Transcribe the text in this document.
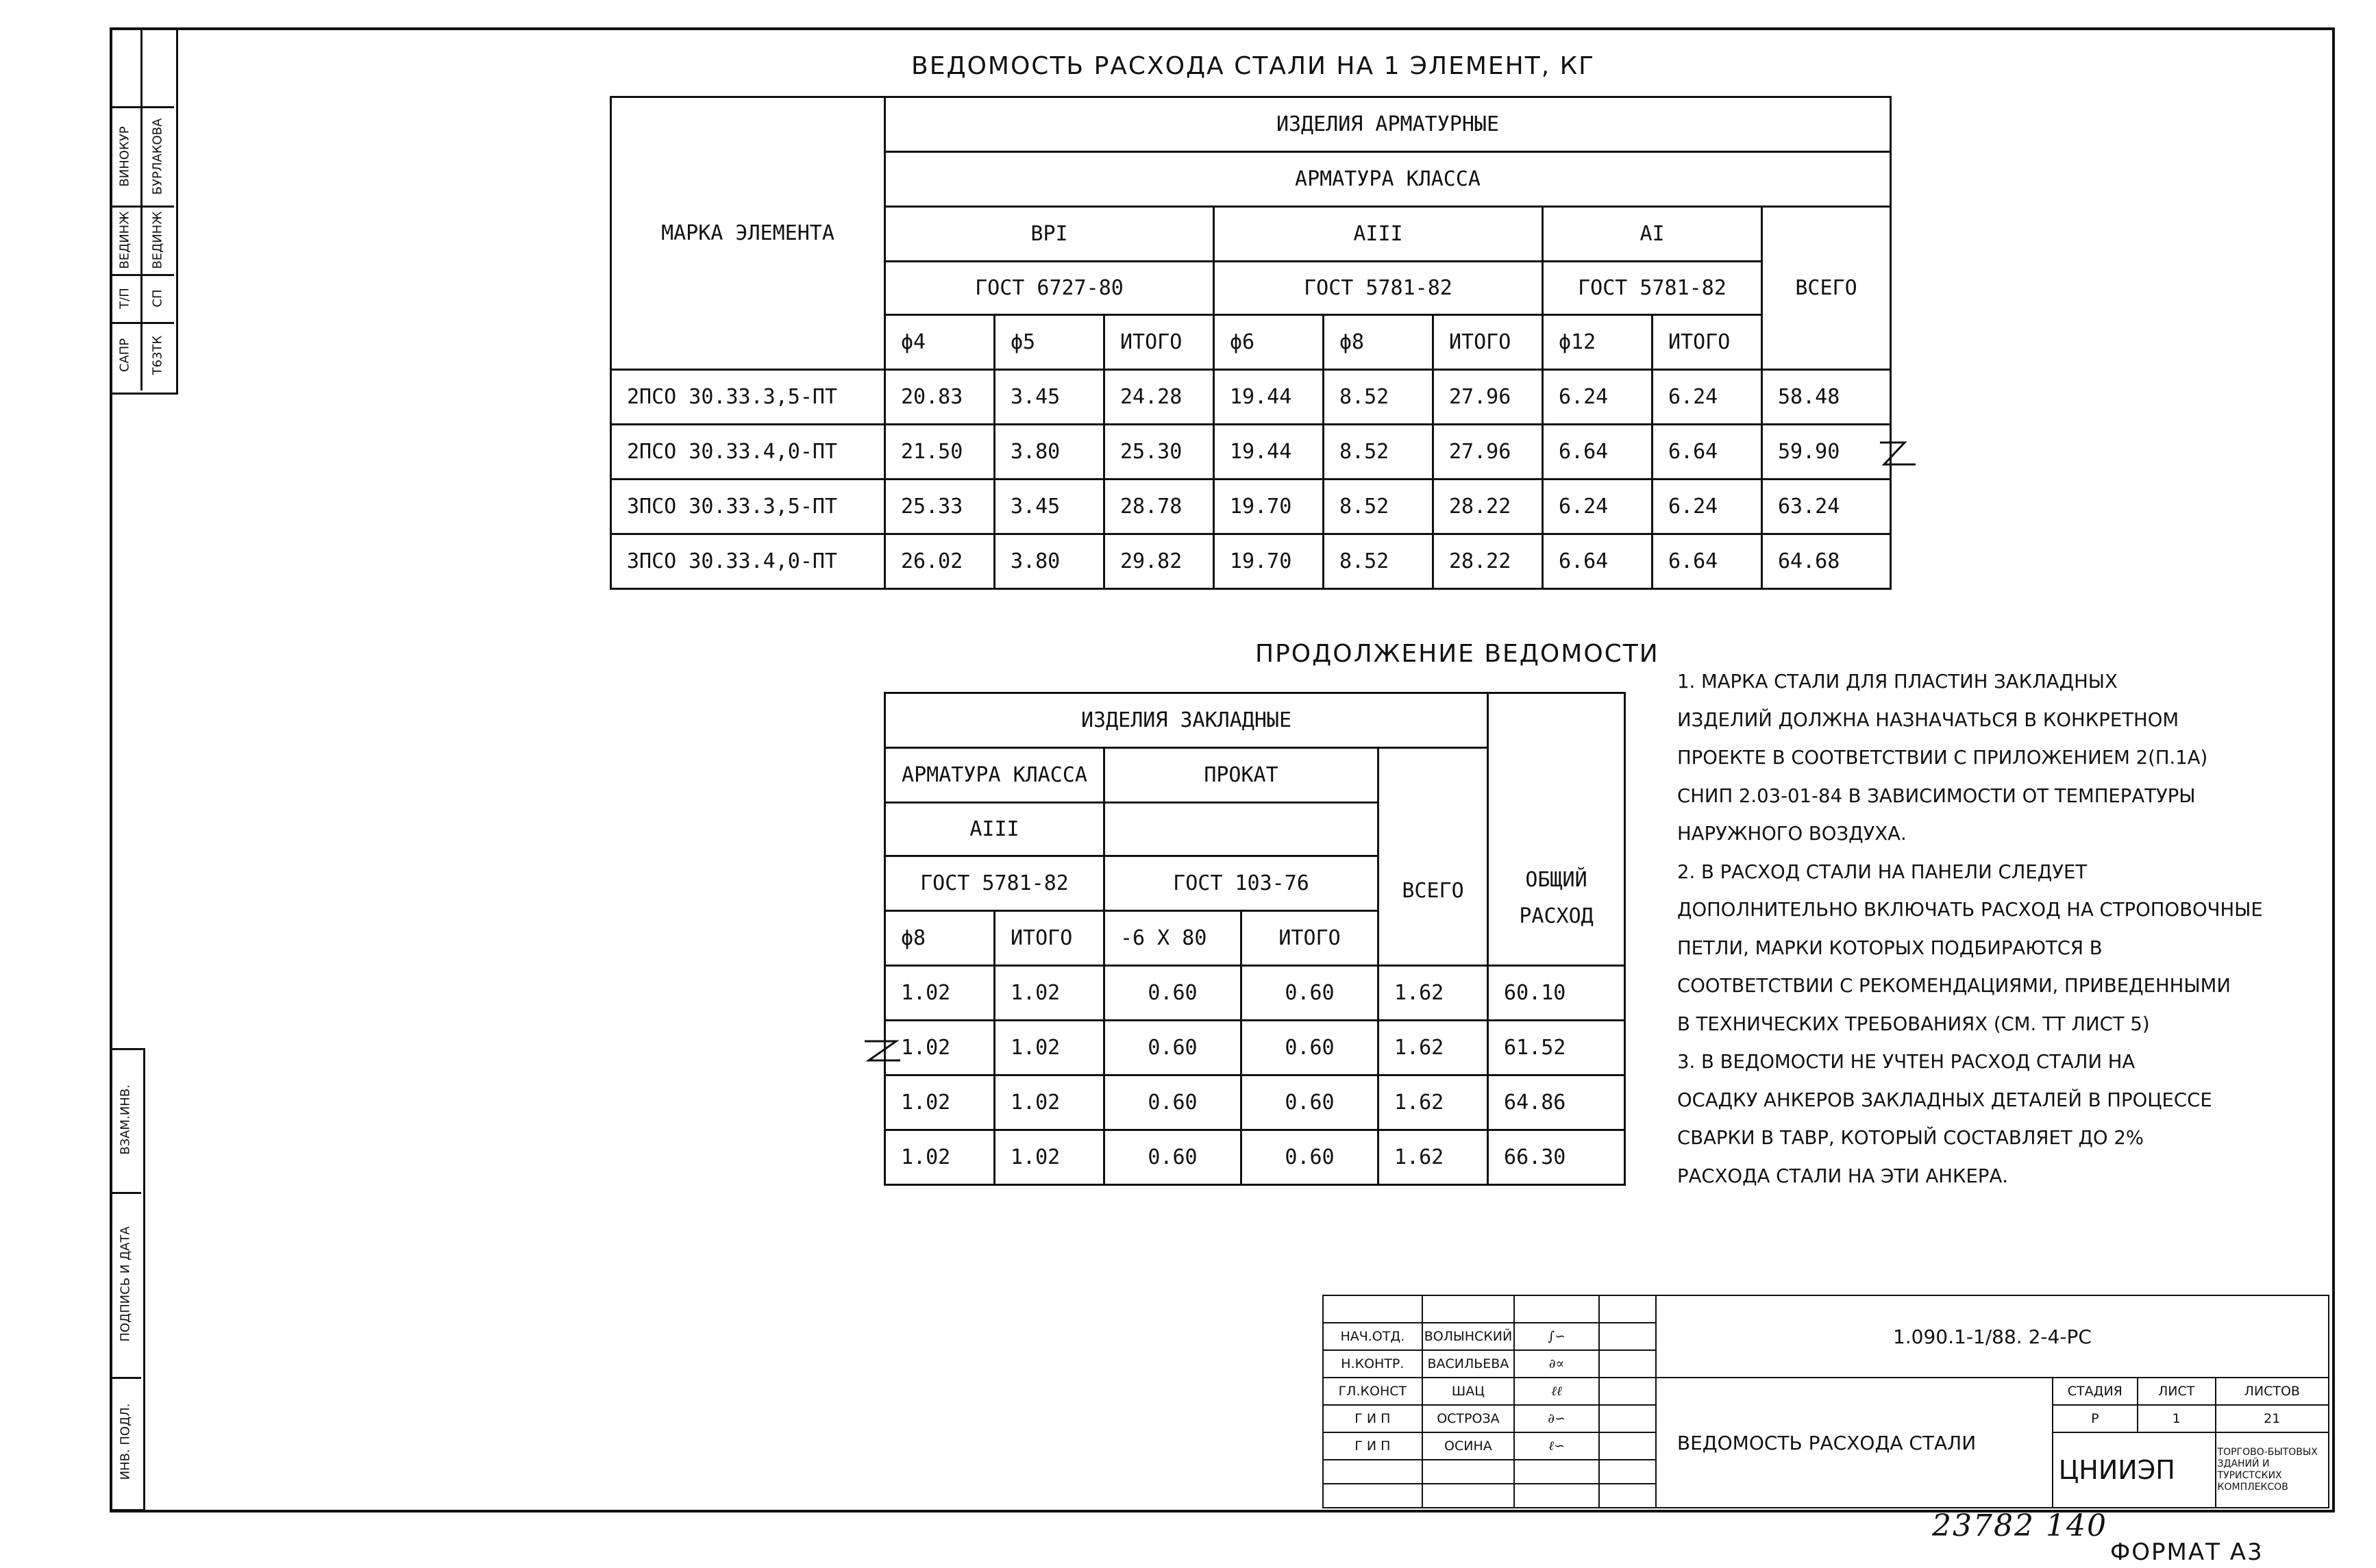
САПР Т63ТК
Т/П СП
ВЕДИНЖ ВЕДИНЖ
ВИНОКУР БУРЛАКОВА
ВЗАМ.ИНВ.
ПОДПИСЬ И ДАТА
ИНВ. ПОДЛ.
ВЕДОМОСТЬ РАСХОДА СТАЛИ НА 1 ЭЛЕМЕНТ, КГ
МАРКА ЭЛЕМЕНТА	ИЗДЕЛИЯ АРМАТУРНЫЕ								
	АРМАТУРА КЛАССА								
	ВРI			АIII			АI		ВСЕГО
	ГОСТ 6727-80			ГОСТ 5781-82			ГОСТ 5781-82		
	ϕ4	ϕ5	ИТОГО	ϕ6	ϕ8	ИТОГО	ϕ12	ИТОГО	
2ПСО 30.33.3,5-ПТ	20.83	3.45	24.28	19.44	8.52	27.96	6.24	6.24	58.48
2ПСО 30.33.4,0-ПТ	21.50	3.80	25.30	19.44	8.52	27.96	6.64	6.64	59.90
3ПСО 30.33.3,5-ПТ	25.33	3.45	28.78	19.70	8.52	28.22	6.24	6.24	63.24
3ПСО 30.33.4,0-ПТ	26.02	3.80	29.82	19.70	8.52	28.22	6.64	6.64	64.68
ПРОДОЛЖЕНИЕ ВЕДОМОСТИ
ИЗДЕЛИЯ ЗАКЛАДНЫЕ					ОБЩИЙ
РАСХОД

АРМАТУРА КЛАССА		ПРОКАТ		ВСЕГО	
АIII					
ГОСТ 5781-82		ГОСТ 103-76			
ϕ8	ИТОГО	-6 Х 80	ИТОГО		
1.02	1.02	0.60	0.60	1.62	60.10
1.02	1.02	0.60	0.60	1.62	61.52
1.02	1.02	0.60	0.60	1.62	64.86
1.02	1.02	0.60	0.60	1.62	66.30

1. МАРКА СТАЛИ ДЛЯ ПЛАСТИН ЗАКЛАДНЫХ

ИЗДЕЛИЙ ДОЛЖНА НАЗНАЧАТЬСЯ В КОНКРЕТНОМ

ПРОЕКТЕ В СООТВЕТСТВИИ С ПРИЛОЖЕНИЕМ 2(П.1А)

СНИП 2.03-01-84 В ЗАВИСИМОСТИ ОТ ТЕМПЕРАТУРЫ

НАРУЖНОГО ВОЗДУХА.

2. В РАСХОД СТАЛИ НА ПАНЕЛИ СЛЕДУЕТ

ДОПОЛНИТЕЛЬНО ВКЛЮЧАТЬ РАСХОД НА СТРОПОВОЧНЫЕ

ПЕТЛИ, МАРКИ КОТОРЫХ ПОДБИРАЮТСЯ В

СООТВЕТСТВИИ С РЕКОМЕНДАЦИЯМИ, ПРИВЕДЕННЫМИ

В ТЕХНИЧЕСКИХ ТРЕБОВАНИЯХ (СМ. ТТ ЛИСТ 5)

3. В ВЕДОМОСТИ НЕ УЧТЕН РАСХОД СТАЛИ НА

ОСАДКУ АНКЕРОВ ЗАКЛАДНЫХ ДЕТАЛЕЙ В ПРОЦЕССЕ

СВАРКИ В ТАВР, КОТОРЫЙ СОСТАВЛЯЕТ ДО 2%

РАСХОДА СТАЛИ НА ЭТИ АНКЕРА.

				1.090.1-1/88. 2-4-РС			
НАЧ.ОТД.	ВОЛЫНСКИЙ	∫∽					
Н.КОНТР.	ВАСИЛЬЕВА	∂∝					
ГЛ.КОНСТ	ШАЦ	ℓℓ		ВЕДОМОСТЬ РАСХОДА СТАЛИ	СТАДИЯ	ЛИСТ	ЛИСТОВ
Г И П	ОСТРОЗА	∂∽			Р	1	21
Г И П	ОСИНА	ℓ∽			ЦНИИЭП		ТОРГОВО-БЫТОВЫХ ЗДАНИЙ И ТУРИСТСКИХ КОМПЛЕКСОВ

23782 140
ФОРМАТ А3
